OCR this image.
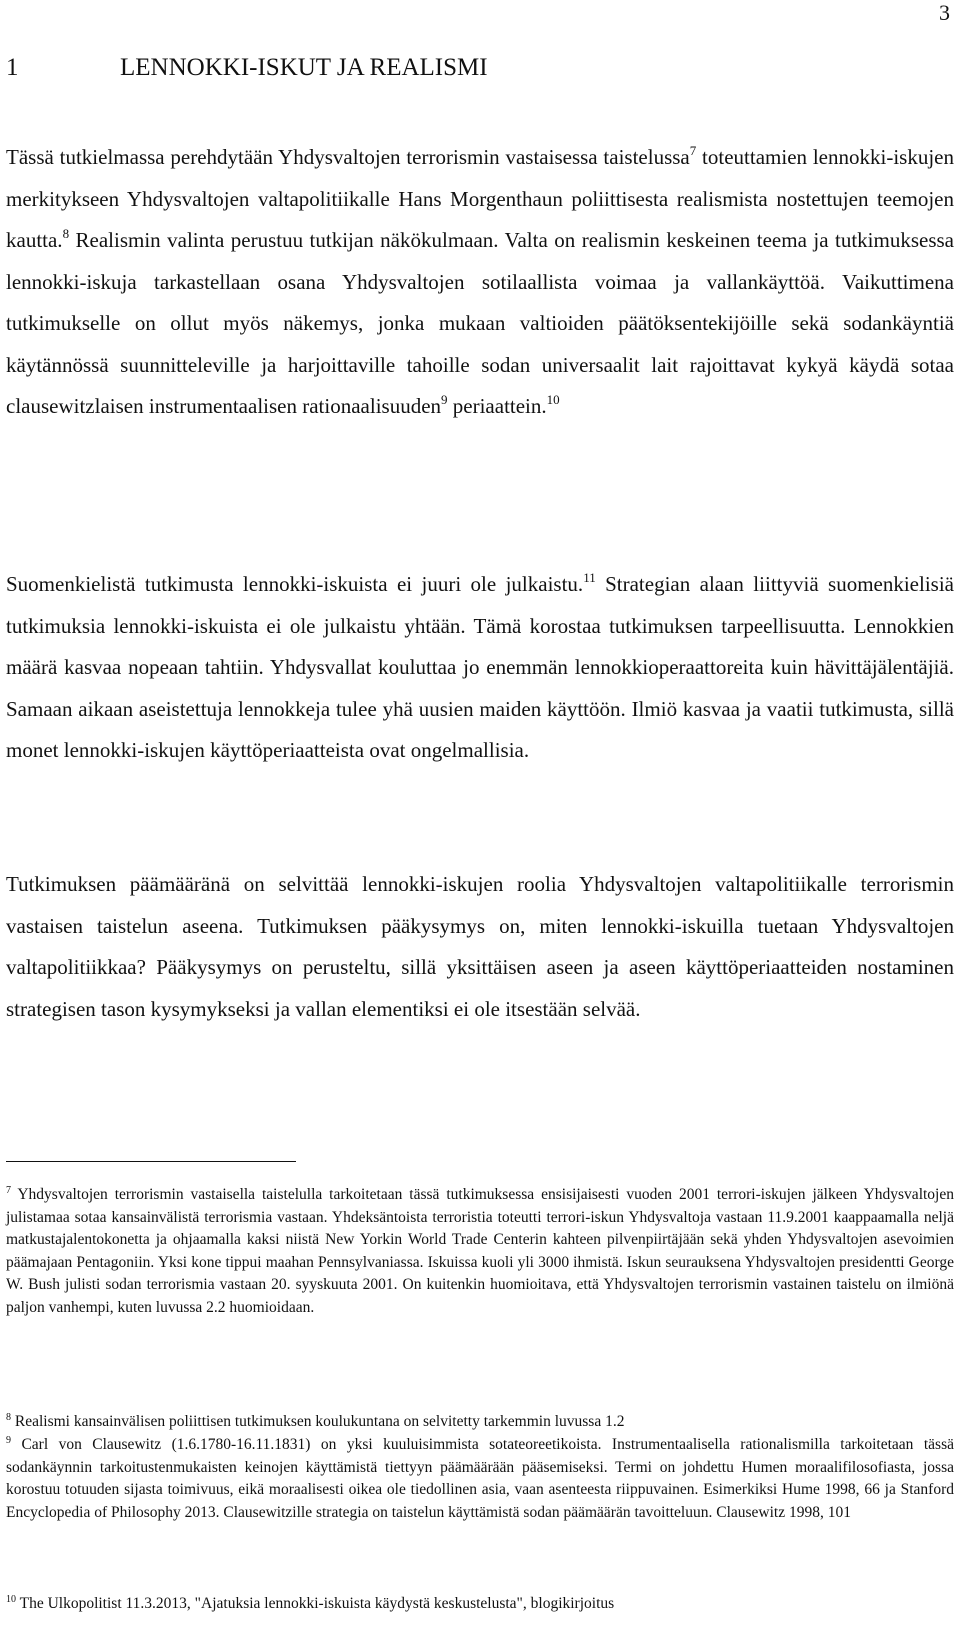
3
1	LENNOKKI-ISKUT JA REALISMI

Tässä tutkielmassa perehdytään Yhdysvaltojen terrorismin vastaisessa taistelussa$^7$ toteuttamien lennokki-iskujen merkitykseen Yhdysvaltojen valtapolitiikalle Hans Morgenthaun poliittisesta realismista nostettujen teemojen kautta.$^8$ Realismin valinta perustuu tutkijan näkökulmaan. Valta on realismin keskeinen teema ja tutkimuksessa lennokki-iskuja tarkastellaan osana Yhdysvaltojen sotilaallista voimaa ja vallankäyttöä. Vaikuttimena tutkimukselle on ollut myös näkemys, jonka mukaan valtioiden päätöksentekijöille sekä sodankäyntiä käytännössä suunnitteleville ja harjoittaville tahoille sodan universaalit lait rajoittavat kykyä käydä sotaa clausewitzlaisen instrumentaalisen rationaalisuuden$^9$ periaattein.$^{10}$

Suomenkielistä tutkimusta lennokki-iskuista ei juuri ole julkaistu.$^{11}$ Strategian alaan liittyviä suomenkielisiä tutkimuksia lennokki-iskuista ei ole julkaistu yhtään. Tämä korostaa tutkimuksen tarpeellisuutta. Lennokkien määrä kasvaa nopeaan tahtiin. Yhdysvallat kouluttaa jo enemmän lennokkioperaattoreita kuin hävittäjälentäjiä. Samaan aikaan aseistettuja lennokkeja tulee yhä uusien maiden käyttöön. Ilmiö kasvaa ja vaatii tutkimusta, sillä monet lennokki-iskujen käyttöperiaatteista ovat ongelmallisia.

Tutkimuksen päämääränä on selvittää lennokki-iskujen roolia Yhdysvaltojen valtapolitiikalle terrorismin vastaisen taistelun aseena. Tutkimuksen pääkysymys on, miten lennokki-iskuilla tuetaan Yhdysvaltojen valtapolitiikkaa? Pääkysymys on perusteltu, sillä yksittäisen aseen ja aseen käyttöperiaatteiden nostaminen strategisen tason kysymykseksi ja vallan elementiksi ei ole itsestään selvää.

$^7$ Yhdysvaltojen terrorismin vastaisella taistelulla tarkoitetaan tässä tutkimuksessa ensisijaisesti vuoden 2001 terrori-iskujen jälkeen Yhdysvaltojen julistamaa sotaa kansainvälistä terrorismia vastaan. Yhdeksäntoista terroristia toteutti terrori-iskun Yhdysvaltoja vastaan 11.9.2001 kaappaamalla neljä matkustajalentokonetta ja ohjaamalla kaksi niistä New Yorkin World Trade Centerin kahteen pilvenpiirtäjään sekä yhden Yhdysvaltojen asevoimien päämajaan Pentagoniin. Yksi kone tippui maahan Pennsylvaniassa. Iskuissa kuoli yli 3000 ihmistä. Iskun seurauksena Yhdysvaltojen presidentti George W. Bush julisti sodan terrorismia vastaan 20. syyskuuta 2001. On kuitenkin huomioitava, että Yhdysvaltojen terrorismin vastainen taistelu on ilmiönä paljon vanhempi, kuten luvussa 2.2 huomioidaan.

$^8$ Realismi kansainvälisen poliittisen tutkimuksen koulukuntana on selvitetty tarkemmin luvussa 1.2

$^9$ Carl von Clausewitz (1.6.1780-16.11.1831) on yksi kuuluisimmista sotateoreetikoista. Instrumentaalisella rationalismilla tarkoitetaan tässä sodankäynnin tarkoitustenmukaisten keinojen käyttämistä tiettyyn päämäärään pääsemiseksi. Termi on johdettu Humen moraalifilosofiasta, jossa korostuu totuuden sijasta toimivuus, eikä moraalisesti oikea ole tiedollinen asia, vaan asenteesta riippuvainen. Esimerkiksi Hume 1998, 66 ja Stanford Encyclopedia of Philosophy 2013. Clausewitzille strategia on taistelun käyttämistä sodan päämäärän tavoitteluun. Clausewitz 1998, 101

$^{10}$ The Ulkopolitist 11.3.2013, "Ajatuksia lennokki-iskuista käydystä keskustelusta", blogikirjoitus
